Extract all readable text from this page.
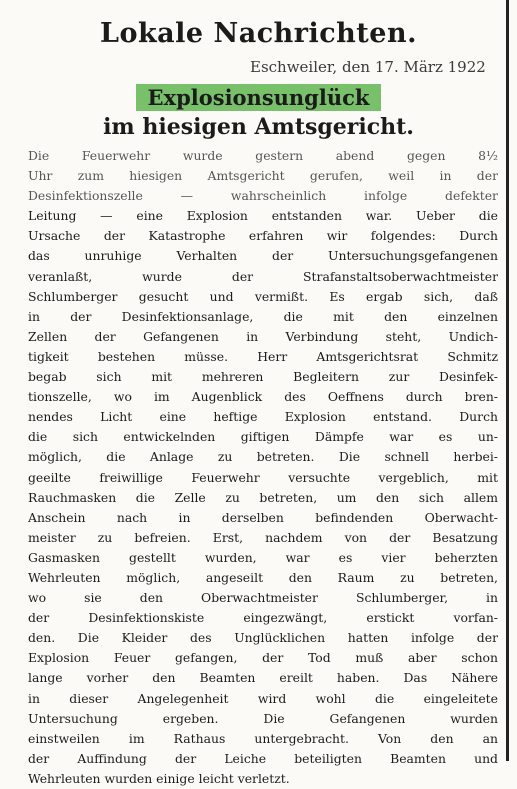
Lokale Nachrichten.
Eschweiler, den 17. März 1922
Explosionsunglück
im hiesigen Amtsgericht.
Die Feuerwehr wurde gestern abend gegen 8½
Uhr zum hiesigen Amtsgericht gerufen, weil in der
Desinfektionszelle — wahrscheinlich infolge defekter
Leitung — eine Explosion entstanden war. Ueber die
Ursache der Katastrophe erfahren wir folgendes: Durch
das unruhige Verhalten der Untersuchungsgefangenen
veranlaßt, wurde der Strafanstaltsoberwachtmeister
Schlumberger gesucht und vermißt. Es ergab sich, daß
in der Desinfektionsanlage, die mit den einzelnen
Zellen der Gefangenen in Verbindung steht, Undich-
tigkeit bestehen müsse. Herr Amtsgerichtsrat Schmitz
begab sich mit mehreren Begleitern zur Desinfek-
tionszelle, wo im Augenblick des Oeffnens durch bren-
nendes Licht eine heftige Explosion entstand. Durch
die sich entwickelnden giftigen Dämpfe war es un-
möglich, die Anlage zu betreten. Die schnell herbei-
geeilte freiwillige Feuerwehr versuchte vergeblich, mit
Rauchmasken die Zelle zu betreten, um den sich allem
Anschein nach in derselben befindenden Oberwacht-
meister zu befreien. Erst, nachdem von der Besatzung
Gasmasken gestellt wurden, war es vier beherzten
Wehrleuten möglich, angeseilt den Raum zu betreten,
wo sie den Oberwachtmeister Schlumberger, in
der Desinfektionskiste eingezwängt, erstickt vorfan-
den. Die Kleider des Unglücklichen hatten infolge der
Explosion Feuer gefangen, der Tod muß aber schon
lange vorher den Beamten ereilt haben. Das Nähere
in dieser Angelegenheit wird wohl die eingeleitete
Untersuchung ergeben. Die Gefangenen wurden
einstweilen im Rathaus untergebracht. Von den an
der Auffindung der Leiche beteiligten Beamten und
Wehrleuten wurden einige leicht verletzt.
